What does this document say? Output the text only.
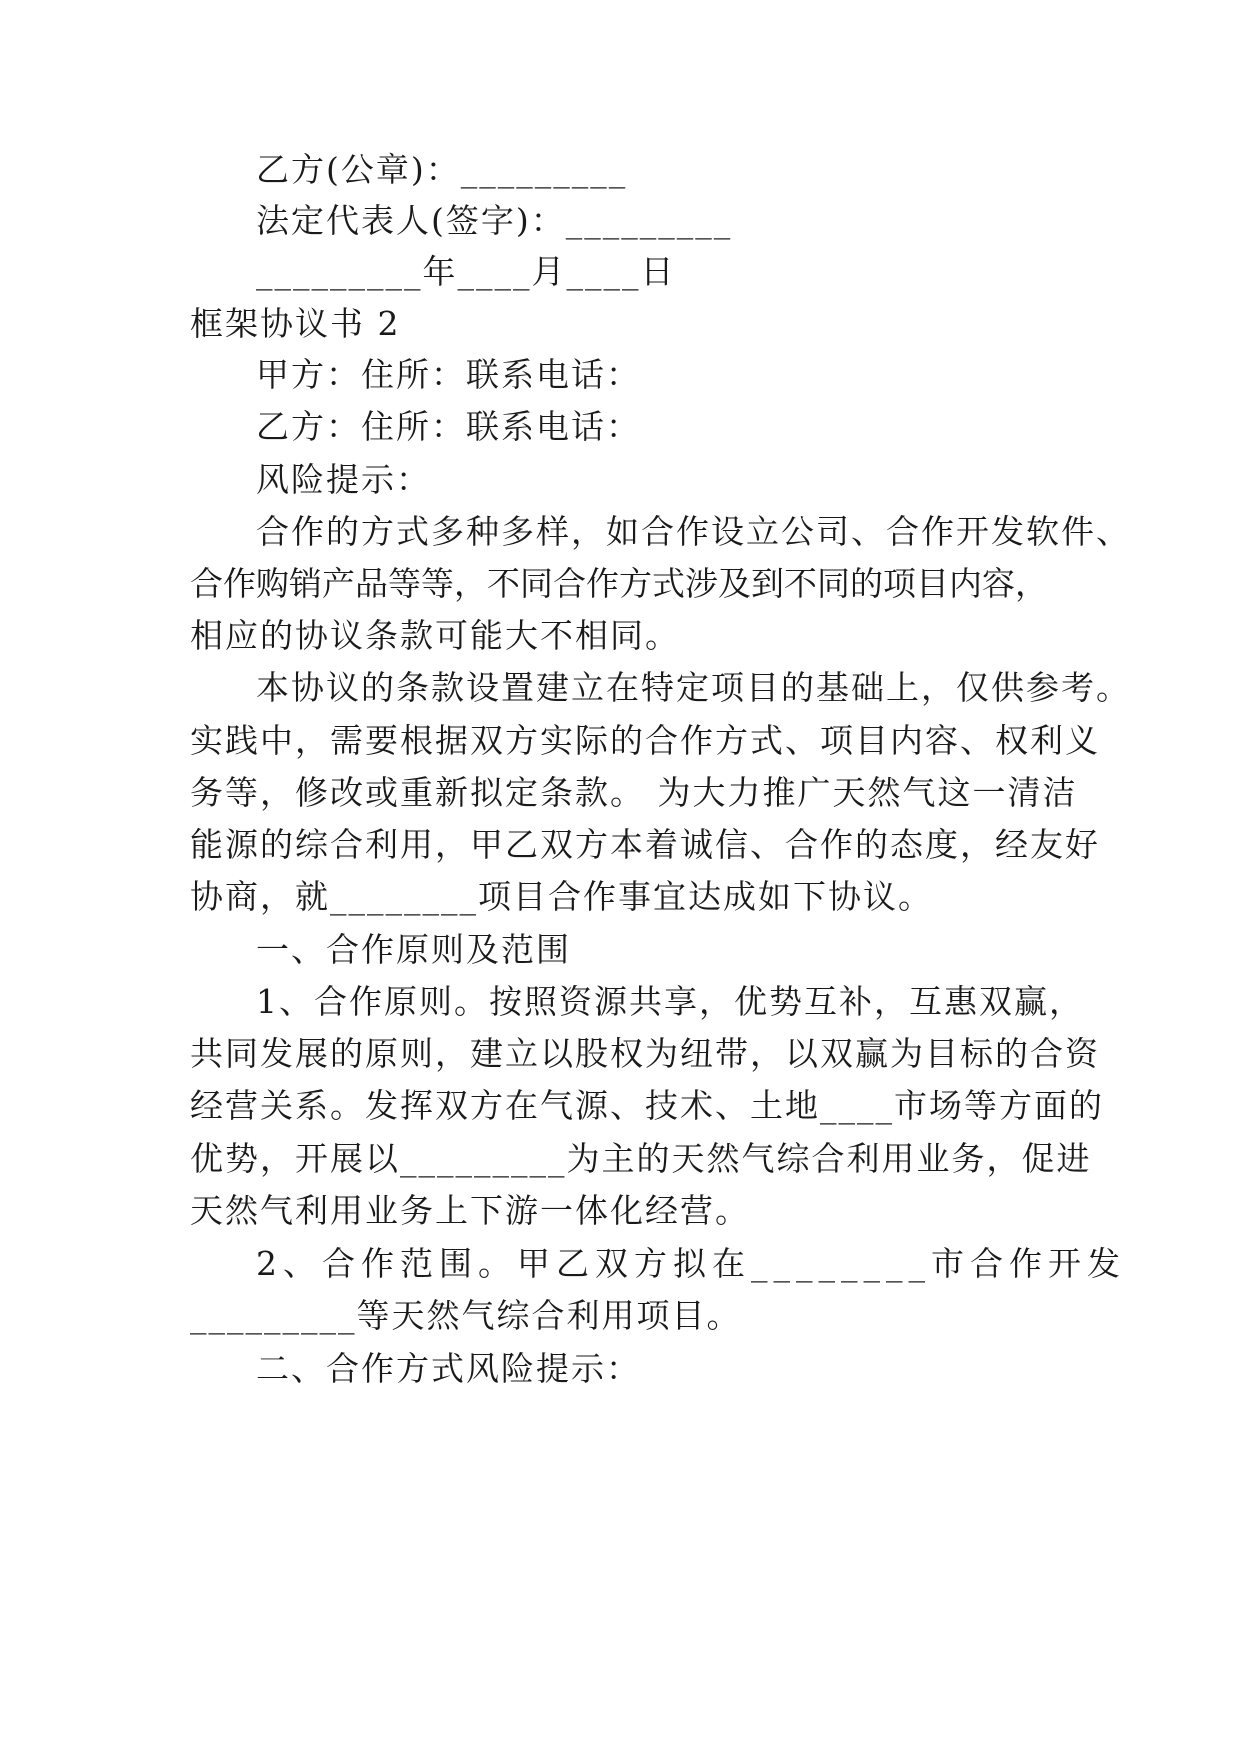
乙方(公章)：_________
法定代表人(签字)：_________
_________年____月____日
框架协议书 2
甲方：住所：联系电话：
乙方：住所：联系电话：
风险提示：
合作的方式多种多样，如合作设立公司、合作开发软件、
合作购销产品等等，不同合作方式涉及到不同的项目内容，
相应的协议条款可能大不相同。
本协议的条款设置建立在特定项目的基础上，仅供参考。
实践中，需要根据双方实际的合作方式、项目内容、权利义
务等，修改或重新拟定条款。 为大力推广天然气这一清洁
能源的综合利用，甲乙双方本着诚信、合作的态度，经友好
协商，就________项目合作事宜达成如下协议。
一、合作原则及范围
1、合作原则。按照资源共享，优势互补，互惠双赢，
共同发展的原则，建立以股权为纽带，以双赢为目标的合资
经营关系。发挥双方在气源、技术、土地____市场等方面的
优势，开展以_________为主的天然气综合利用业务，促进
天然气利用业务上下游一体化经营。
2、合作范围。甲乙双方拟在________市合作开发
_________等天然气综合利用项目。
二、合作方式风险提示：
